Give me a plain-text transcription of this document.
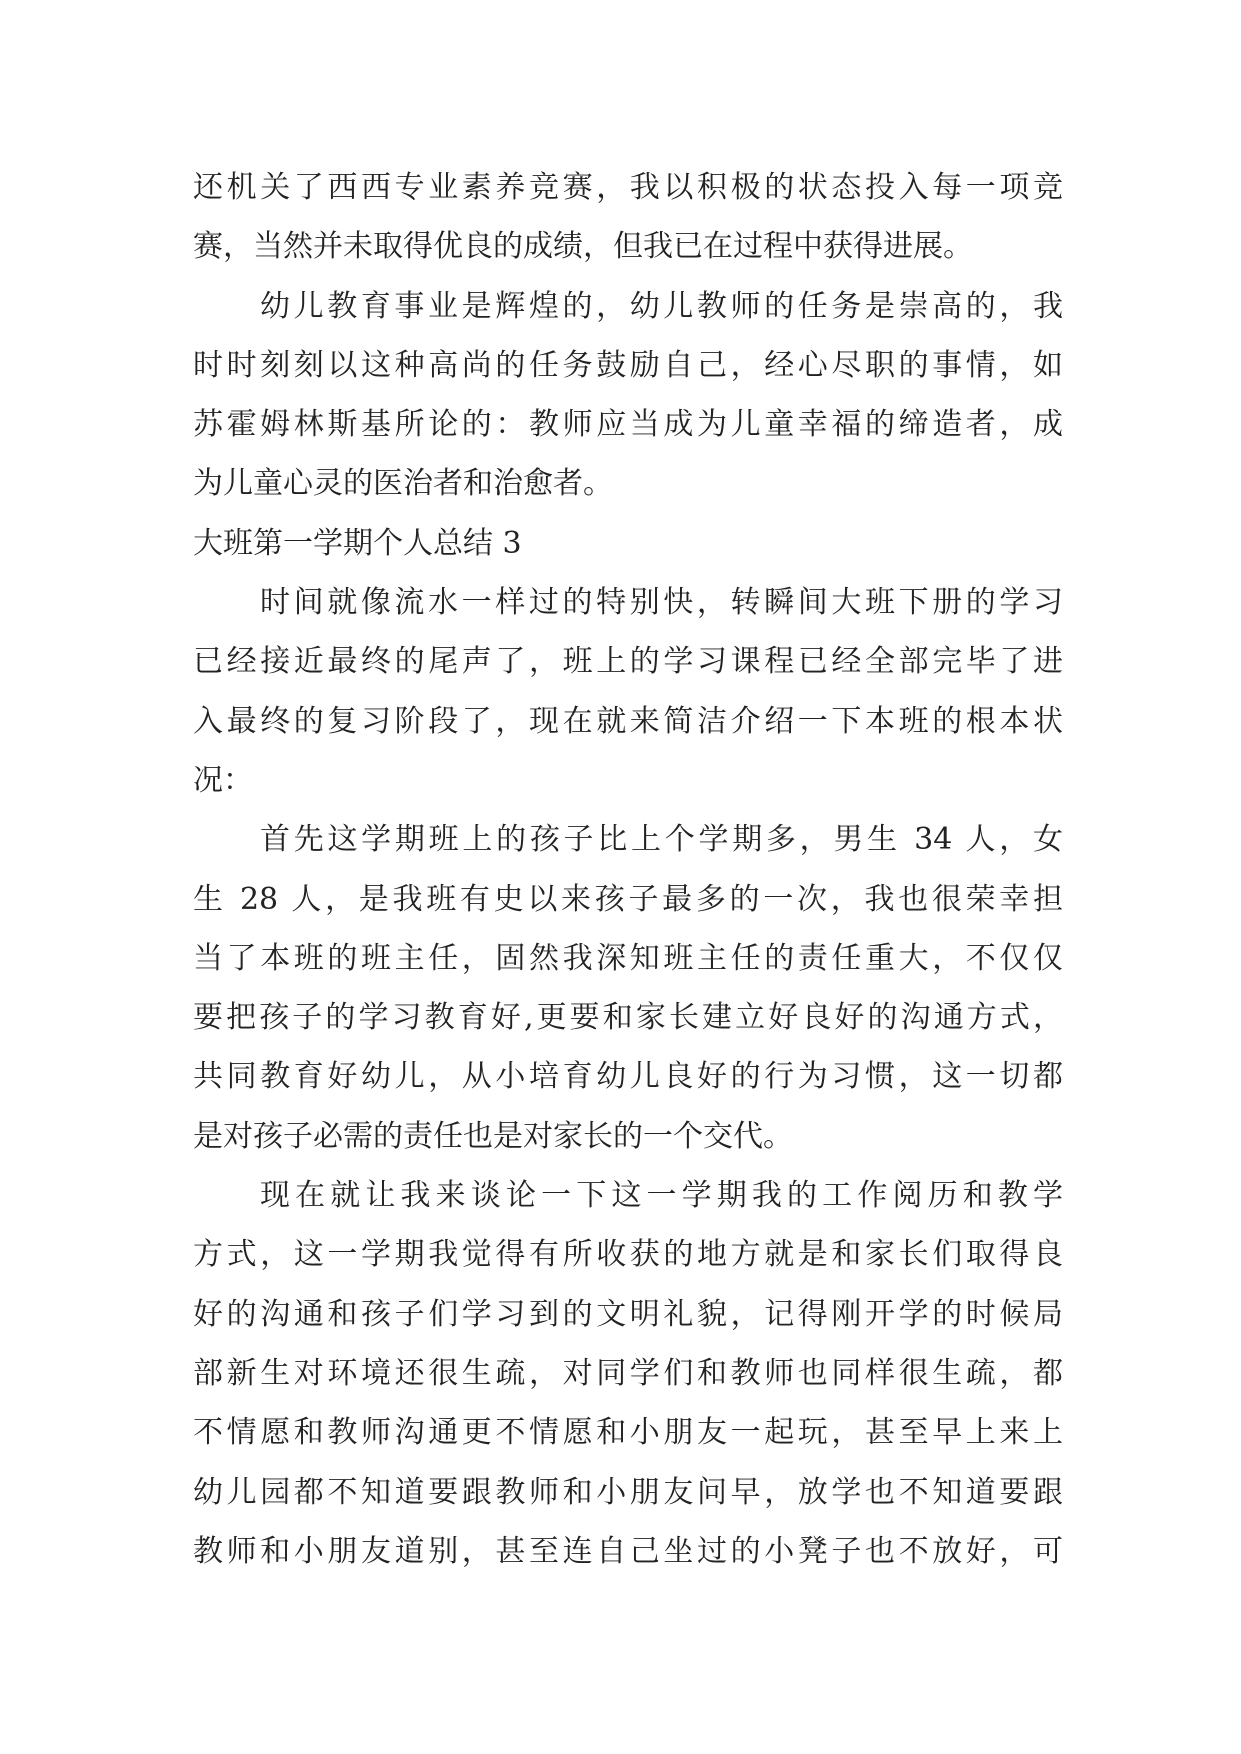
还机关了西西专业素养竞赛，我以积极的状态投入每一项竞
赛，当然并未取得优良的成绩，但我已在过程中获得进展。
幼儿教育事业是辉煌的，幼儿教师的任务是崇高的，我
时时刻刻以这种高尚的任务鼓励自己，经心尽职的事情，如
苏霍姆林斯基所论的：教师应当成为儿童幸福的缔造者，成
为儿童心灵的医治者和治愈者。
大班第一学期个人总结 3
时间就像流水一样过的特别快，转瞬间大班下册的学习
已经接近最终的尾声了，班上的学习课程已经全部完毕了进
入最终的复习阶段了，现在就来简洁介绍一下本班的根本状
况：
首先这学期班上的孩子比上个学期多，男生 34 人，女
生 28 人，是我班有史以来孩子最多的一次，我也很荣幸担
当了本班的班主任，固然我深知班主任的责任重大，不仅仅
要把孩子的学习教育好,更要和家长建立好良好的沟通方式，
共同教育好幼儿，从小培育幼儿良好的行为习惯，这一切都
是对孩子必需的责任也是对家长的一个交代。
现在就让我来谈论一下这一学期我的工作阅历和教学
方式，这一学期我觉得有所收获的地方就是和家长们取得良
好的沟通和孩子们学习到的文明礼貌，记得刚开学的时候局
部新生对环境还很生疏，对同学们和教师也同样很生疏，都
不情愿和教师沟通更不情愿和小朋友一起玩，甚至早上来上
幼儿园都不知道要跟教师和小朋友问早，放学也不知道要跟
教师和小朋友道别，甚至连自己坐过的小凳子也不放好，可
